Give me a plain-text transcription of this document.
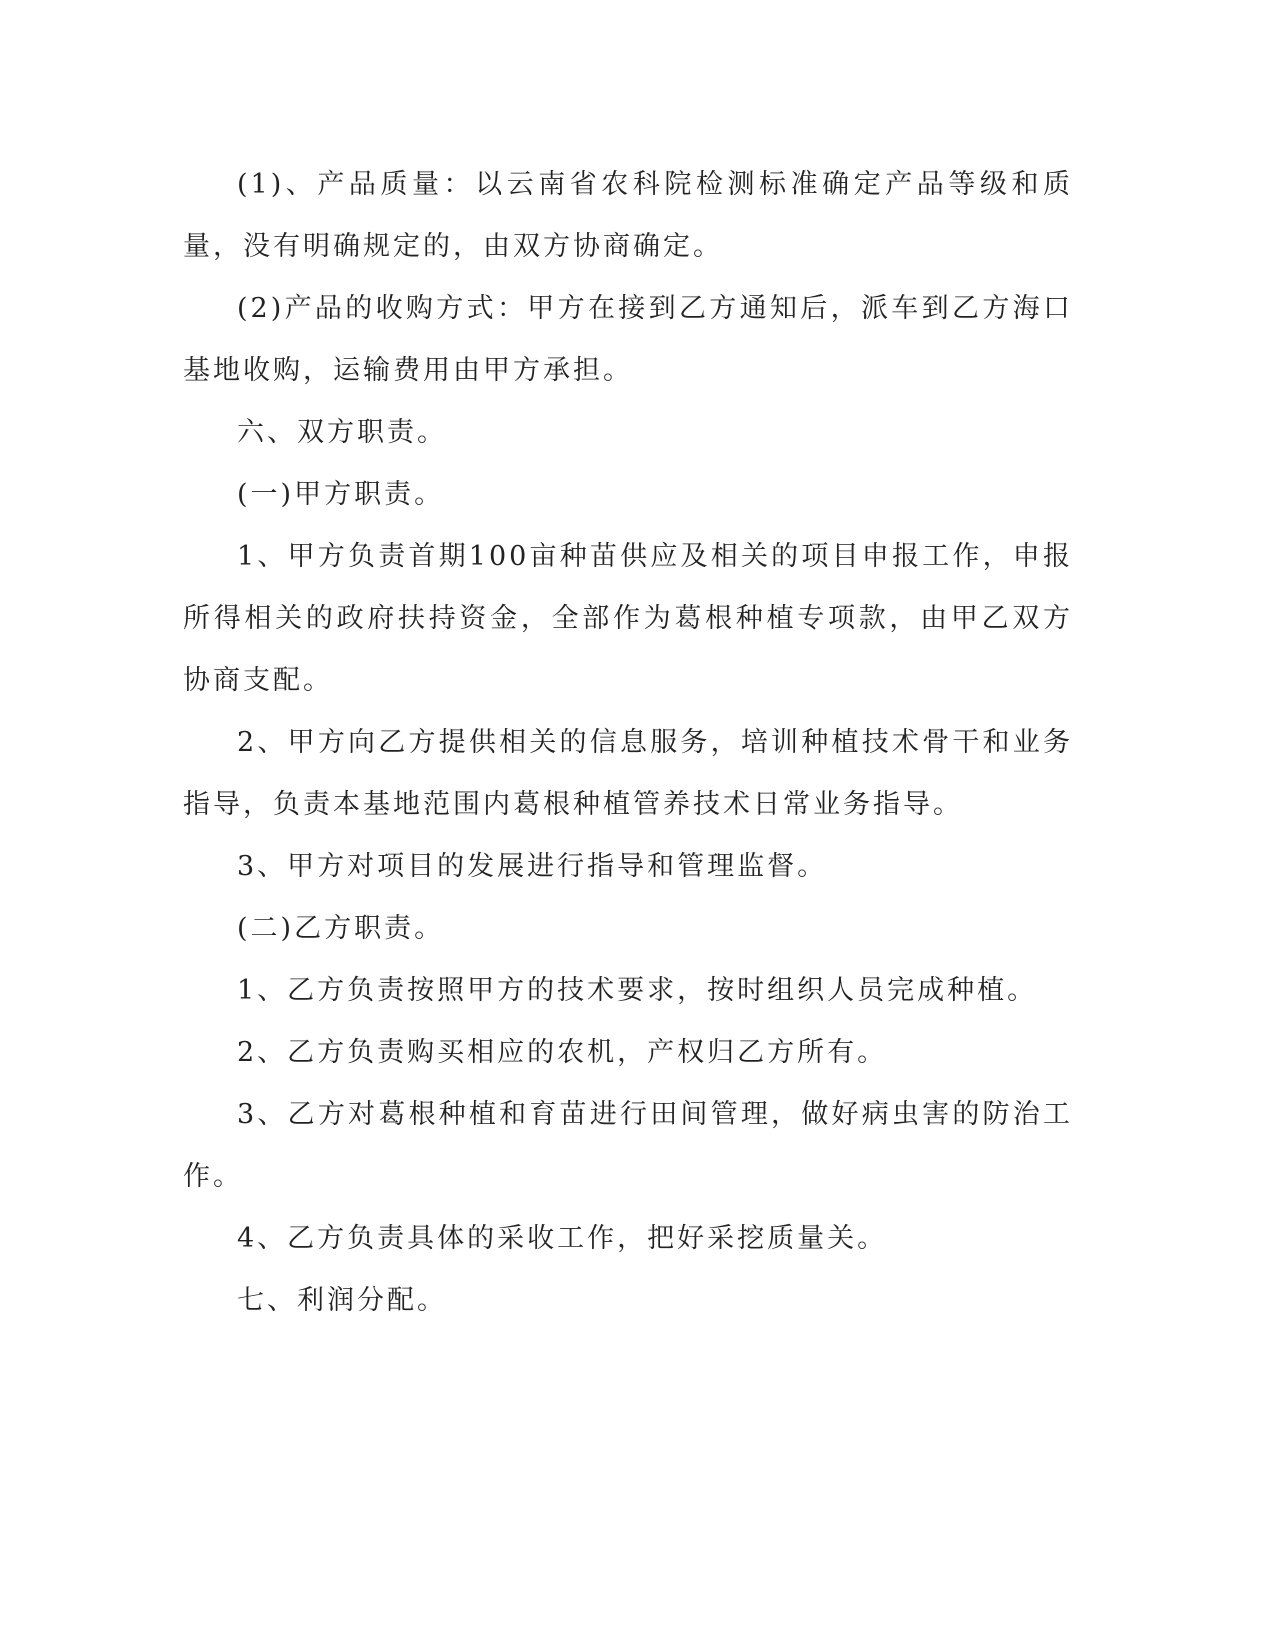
(1)、产品质量：以云南省农科院检测标准确定产品等级和质量，没有明确规定的，由双方协商确定。

(2)产品的收购方式：甲方在接到乙方通知后，派车到乙方海口基地收购，运输费用由甲方承担。

六、双方职责。

(一)甲方职责。

1、甲方负责首期100亩种苗供应及相关的项目申报工作，申报所得相关的政府扶持资金，全部作为葛根种植专项款，由甲乙双方协商支配。

2、甲方向乙方提供相关的信息服务，培训种植技术骨干和业务指导，负责本基地范围内葛根种植管养技术日常业务指导。

3、甲方对项目的发展进行指导和管理监督。

(二)乙方职责。

1、乙方负责按照甲方的技术要求，按时组织人员完成种植。

2、乙方负责购买相应的农机，产权归乙方所有。

3、乙方对葛根种植和育苗进行田间管理，做好病虫害的防治工作。

4、乙方负责具体的采收工作，把好采挖质量关。

七、利润分配。
